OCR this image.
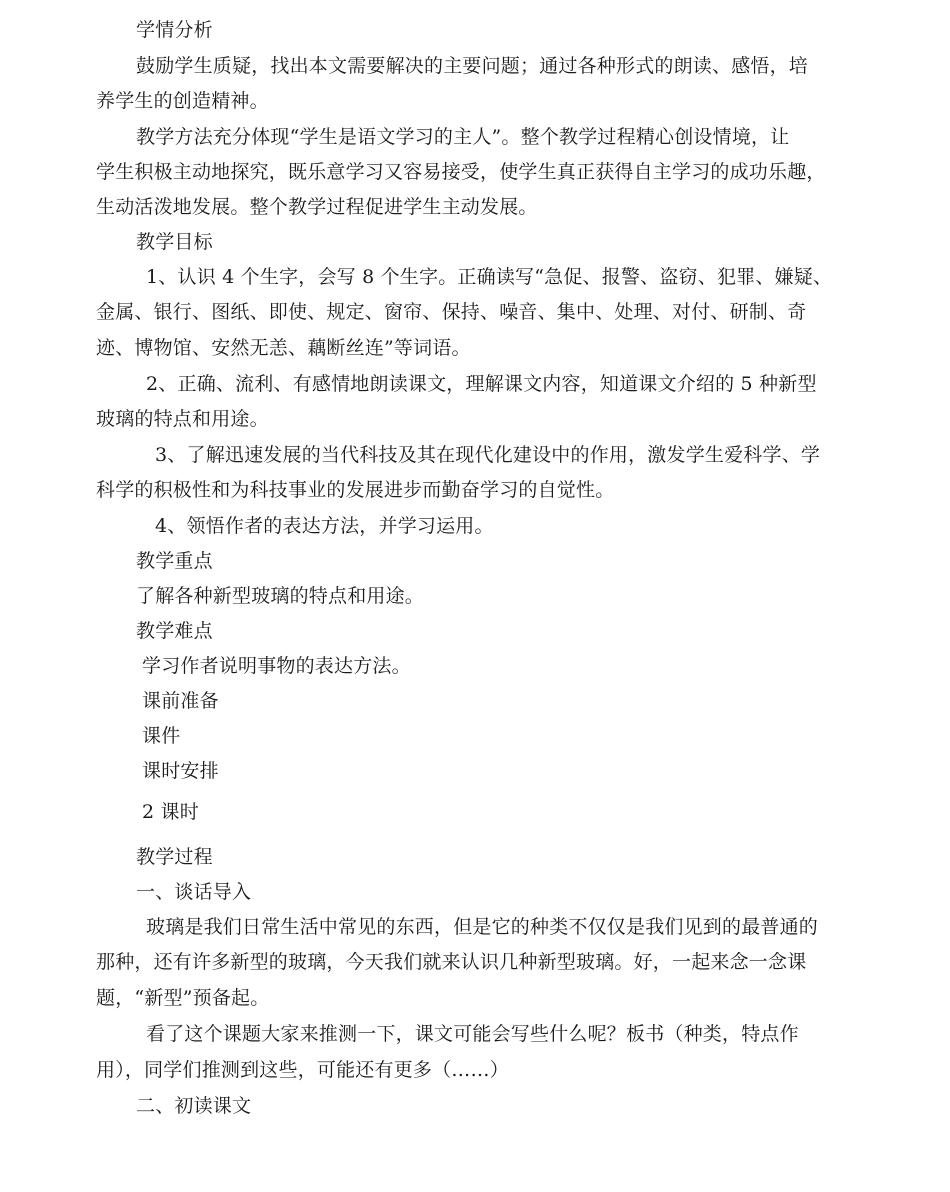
学情分析
鼓励学生质疑，找出本文需要解决的主要问题；通过各种形式的朗读、感悟，培
养学生的创造精神。
教学方法充分体现“学生是语文学习的主人”。整个教学过程精心创设情境，让
学生积极主动地探究，既乐意学习又容易接受，使学生真正获得自主学习的成功乐趣，
生动活泼地发展。整个教学过程促进学生主动发展。
教学目标
1、认识 4 个生字，会写 8 个生字。正确读写“急促、报警、盗窃、犯罪、嫌疑、
金属、银行、图纸、即使、规定、窗帘、保持、噪音、集中、处理、对付、研制、奇
迹、博物馆、安然无恙、藕断丝连”等词语。
2、正确、流利、有感情地朗读课文，理解课文内容，知道课文介绍的 5 种新型
玻璃的特点和用途。
3、了解迅速发展的当代科技及其在现代化建设中的作用，激发学生爱科学、学
科学的积极性和为科技事业的发展进步而勤奋学习的自觉性。
4、领悟作者的表达方法，并学习运用。
教学重点
了解各种新型玻璃的特点和用途。
教学难点
学习作者说明事物的表达方法。
课前准备
课件
课时安排
2 课时
教学过程
一、谈话导入
玻璃是我们日常生活中常见的东西，但是它的种类不仅仅是我们见到的最普通的
那种，还有许多新型的玻璃，今天我们就来认识几种新型玻璃。好，一起来念一念课
题，“新型”预备起。
看了这个课题大家来推测一下，课文可能会写些什么呢？板书（种类，特点作
用），同学们推测到这些，可能还有更多（……）
二、初读课文
